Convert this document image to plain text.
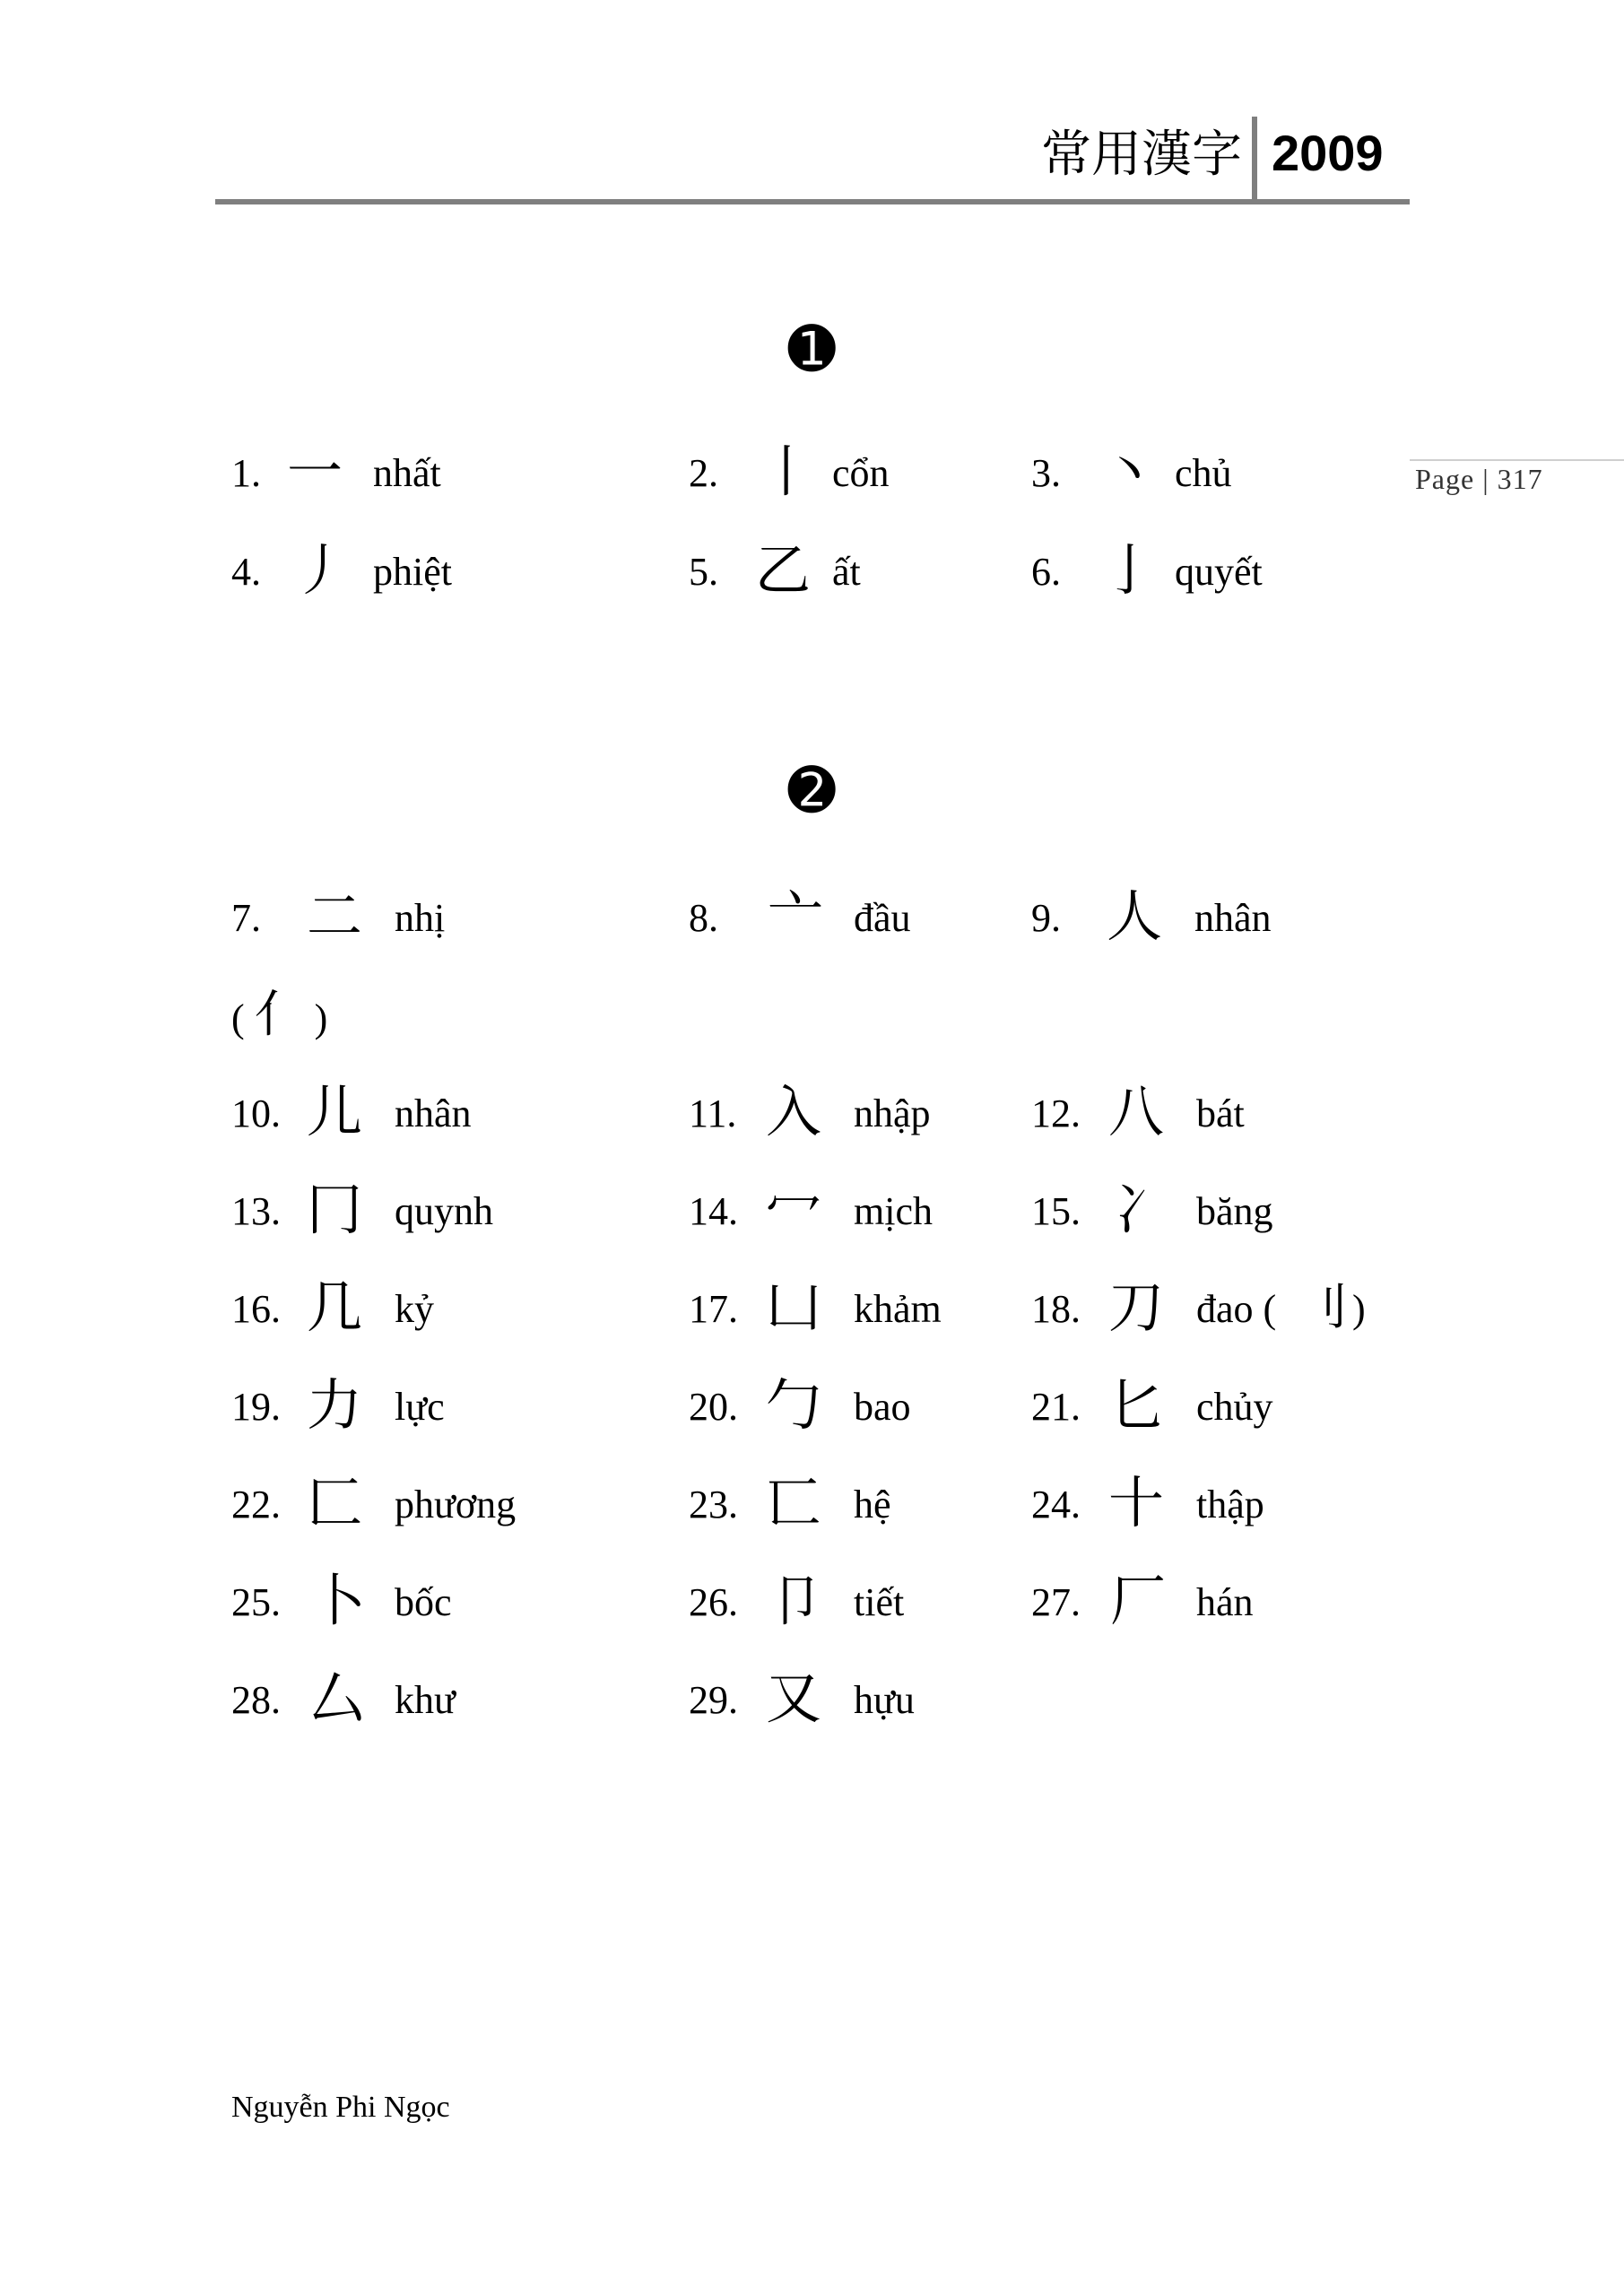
常用漢字 2009
Page | 317
➊
1. 一 nhất	2. 丨 cổn	3. 丶 chủ
4. 丿 phiệt	5. 乙 ất	6. 亅 quyết
➋
7. 二 nhị	8. 亠 đầu	9. 人 nhân
( 亻 )
10. 儿 nhân	11. 入 nhập	12. 八 bát
13. 冂 quynh	14. 冖 mịch	15. 冫 băng
16. 几 kỷ	17. 凵 khảm 18. 刀 đao ( 刂 )
19. 力 lực	20. 勹 bao	21. 匕 chủy
22. 匚 phương	23. 匸 hệ	24. 十 thập
25. 卜 bốc	26. 卩 tiết	27. 厂 hán
28. 厶 khư	29. 又 hựu
Nguyễn Phi Ngọc
